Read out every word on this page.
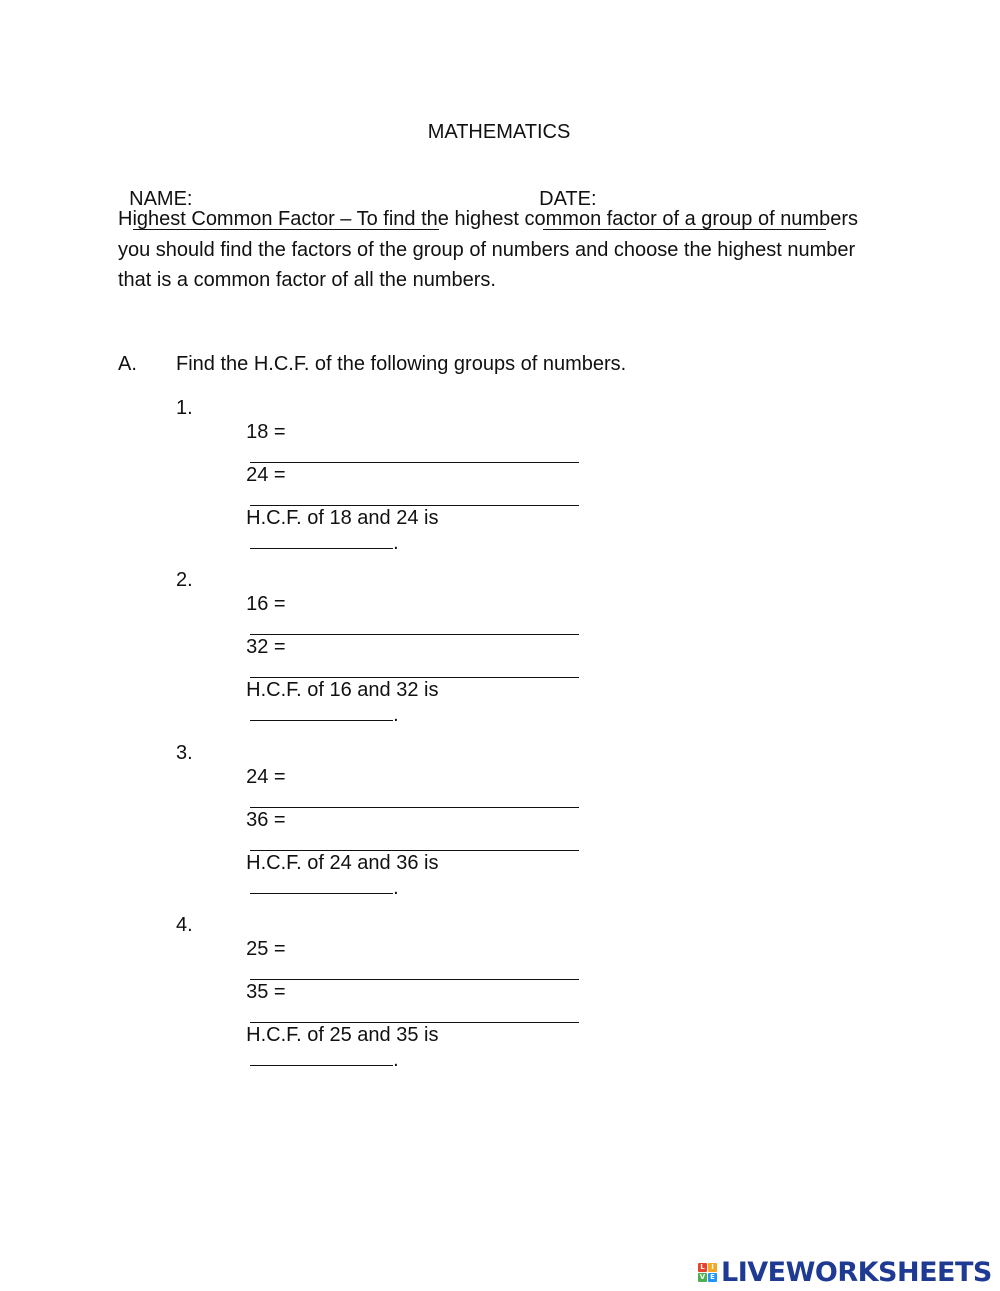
MATHEMATICS

NAME:
	DATE:

Highest Common Factor – To find the highest common factor of a group of numbers you should find the factors of the group of numbers and choose the highest number that is a common factor of all the numbers.
A. Find the H.C.F. of the following groups of numbers.
1.

18 =

24 =

H.C.F. of 18 and 24 is
.

2.

16 =

32 =

H.C.F. of 16 and 32 is
.

3.

24 =

36 =

H.C.F. of 24 and 36 is
.

4.

25 =

35 =

H.C.F. of 25 and 35 is
.

L I
V E LIVEWORKSHEETS
